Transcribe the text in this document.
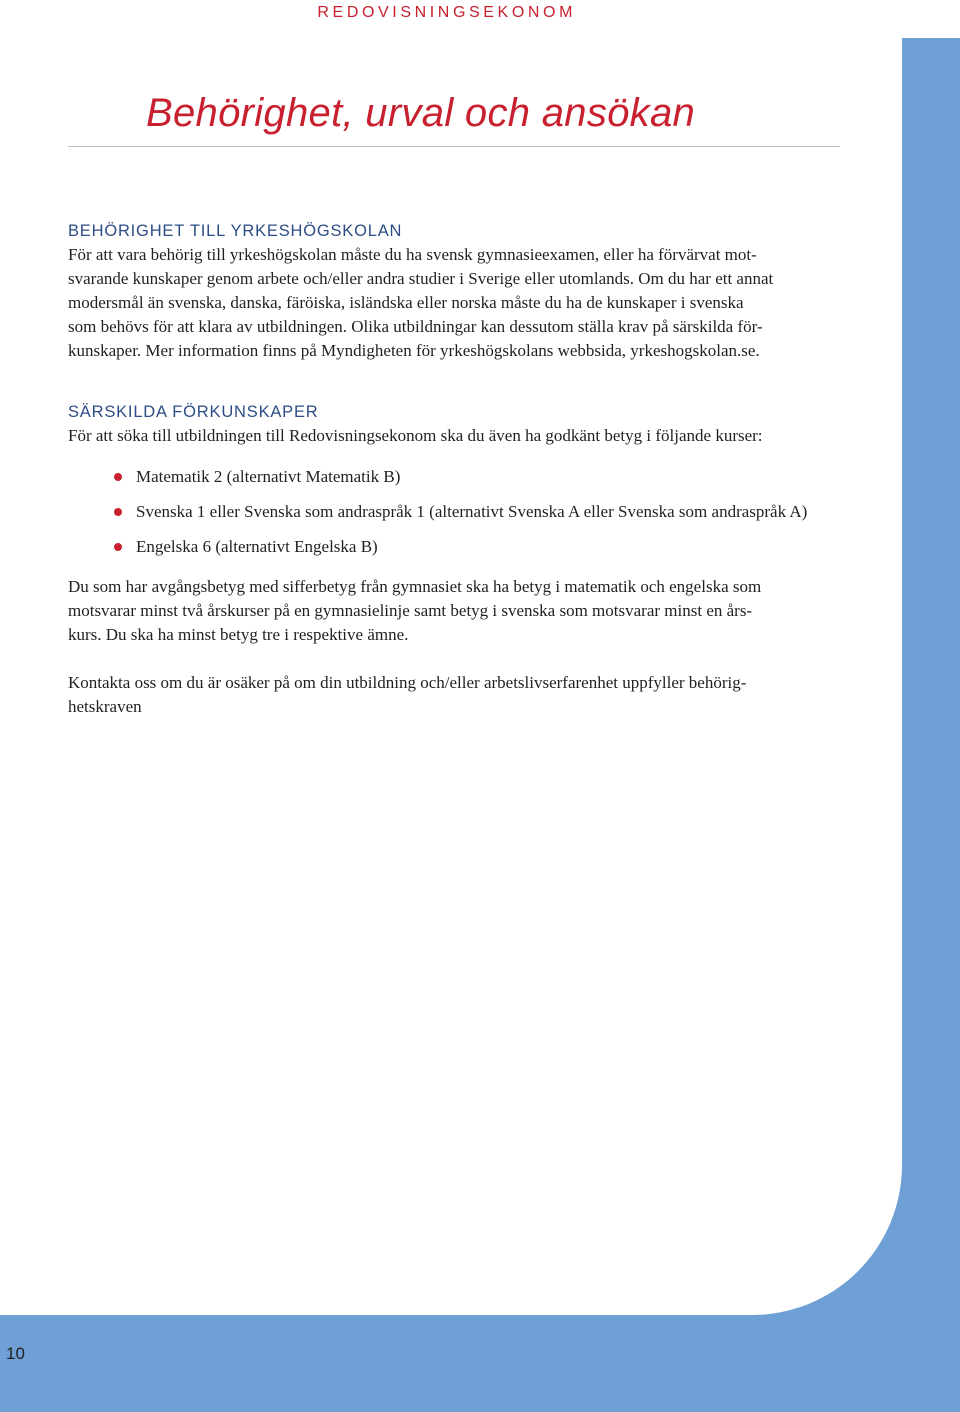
REDOVISNINGSEKONOM
Behörighet, urval och ansökan
BEHÖRIGHET TILL YRKESHÖGSKOLAN

För att vara behörig till yrkeshögskolan måste du ha svensk gymnasieexamen, eller ha förvärvat mot-
svarande kunskaper genom arbete och/eller andra studier i Sverige eller utomlands. Om du har ett annat
modersmål än svenska, danska, färöiska, isländska eller norska måste du ha de kunskaper i svenska
som behövs för att klara av utbildningen. Olika utbildningar kan dessutom ställa krav på särskilda för-
kunskaper. Mer information finns på Myndigheten för yrkeshögskolans webbsida, yrkeshogskolan.se.

SÄRSKILDA FÖRKUNSKAPER

För att söka till utbildningen till Redovisningsekonom ska du även ha godkänt betyg i följande kurser:

Matematik 2 (alternativt Matematik B)
Svenska 1 eller Svenska som andraspråk 1 (alternativt Svenska A eller Svenska som andraspråk A)
Engelska 6 (alternativt Engelska B)

Du som har avgångsbetyg med sifferbetyg från gymnasiet ska ha betyg i matematik och engelska som
motsvarar minst två årskurser på en gymnasielinje samt betyg i svenska som motsvarar minst en års-
kurs. Du ska ha minst betyg tre i respektive ämne.

Kontakta oss om du är osäker på om din utbildning och/eller arbetslivserfarenhet uppfyller behörig-
hetskraven

10
